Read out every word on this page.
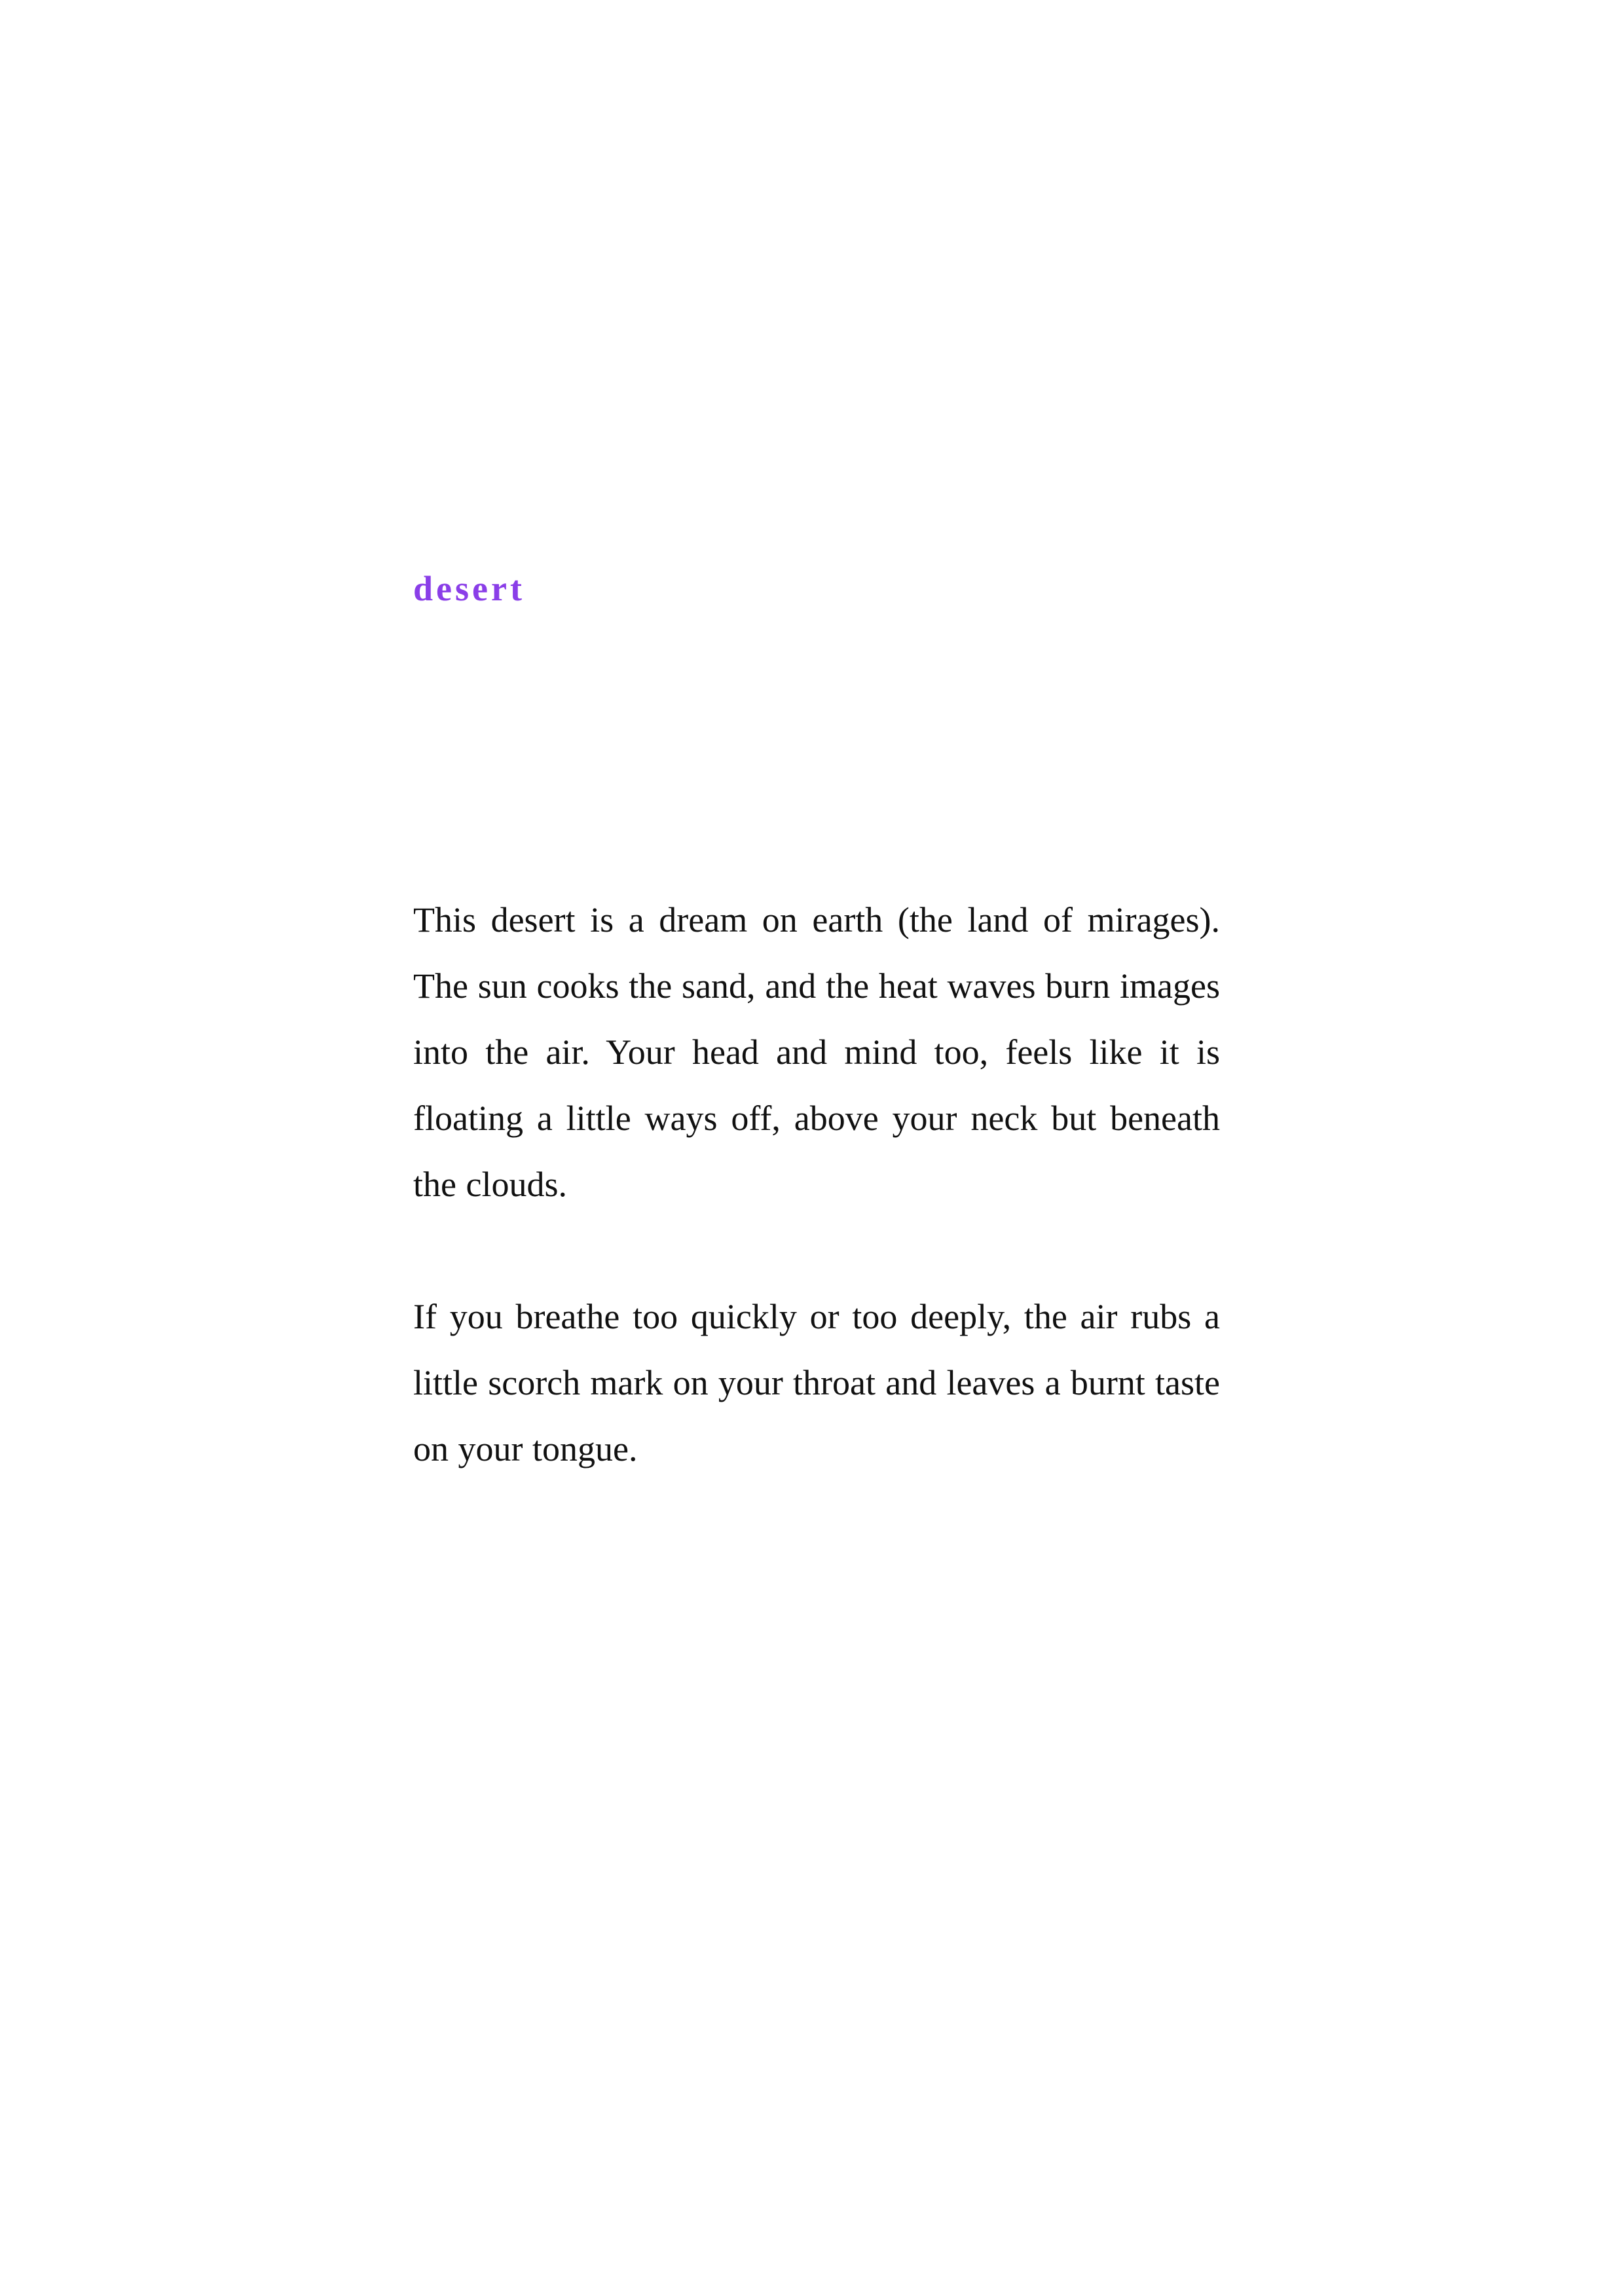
desert

This desert is a dream on earth (the land of mirages). The sun cooks the sand, and the heat waves burn images into the air. Your head and mind too, feels like it is floating a little ways off, above your neck but beneath the clouds.

If you breathe too quickly or too deeply, the air rubs a little scorch mark on your throat and leaves a burnt taste on your tongue.
